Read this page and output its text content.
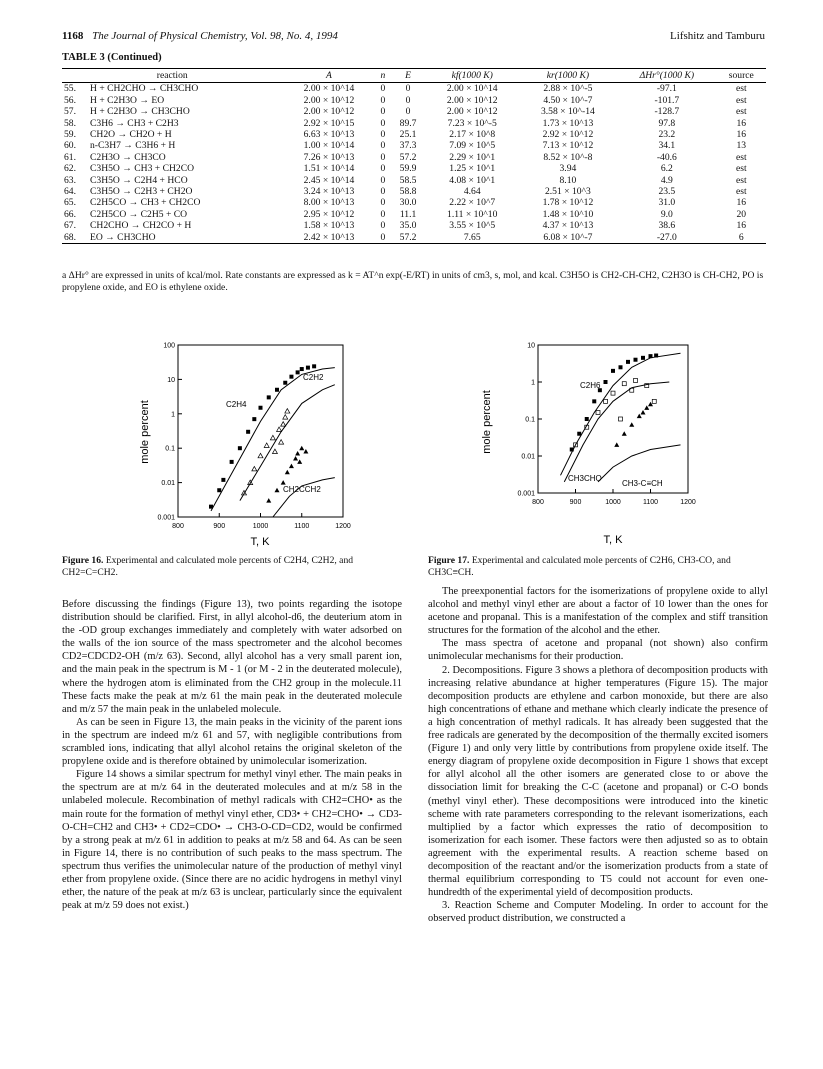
1168 The Journal of Physical Chemistry, Vol. 98, No. 4, 1994	Lifshitz and Tamburu
TABLE 3 (Continued)
reaction		A	n	E	kf(1000 K)	kr(1000 K)	ΔHr°(1000 K)	source
55.	H + CH2CHO → CH3CHO	2.00 × 10^14	0	0	2.00 × 10^14	2.88 × 10^-5	-97.1	est
56.	H + C2H3O → EO	2.00 × 10^12	0	0	2.00 × 10^12	4.50 × 10^-7	-101.7	est
57.	H + C2H3O → CH3CHO	2.00 × 10^12	0	0	2.00 × 10^12	3.58 × 10^-14	-128.7	est
58.	C3H6 → CH3 + C2H3	2.92 × 10^15	0	89.7	7.23 × 10^-5	1.73 × 10^13	97.8	16
59.	CH2O → CH2O + H	6.63 × 10^13	0	25.1	2.17 × 10^8	2.92 × 10^12	23.2	16
60.	n-C3H7 → C3H6 + H	1.00 × 10^14	0	37.3	7.09 × 10^5	7.13 × 10^12	34.1	13
61.	C2H3O → CH3CO	7.26 × 10^13	0	57.2	2.29 × 10^1	8.52 × 10^-8	-40.6	est
62.	C3H5O → CH3 + CH2CO	1.51 × 10^14	0	59.9	1.25 × 10^1	3.94	6.2	est
63.	C3H5O → C2H4 + HCO	2.45 × 10^14	0	58.5	4.08 × 10^1	8.10	4.9	est
64.	C3H5O → C2H3 + CH2O	3.24 × 10^13	0	58.8	4.64	2.51 × 10^3	23.5	est
65.	C2H5CO → CH3 + CH2CO	8.00 × 10^13	0	30.0	2.22 × 10^7	1.78 × 10^12	31.0	16
66.	C2H5CO → C2H5 + CO	2.95 × 10^12	0	11.1	1.11 × 10^10	1.48 × 10^10	9.0	20
67.	CH2CHO → CH2CO + H	1.58 × 10^13	0	35.0	3.55 × 10^5	4.37 × 10^13	38.6	16
68.	EO → CH3CHO	2.42 × 10^13	0	57.2	7.65	6.08 × 10^-7	-27.0	6
a ΔHr° are expressed in units of kcal/mol. Rate constants are expressed as k = AT^n exp(-E/RT) in units of cm3, s, mol, and kcal. C3H5O is CH2-CH-CH2, C2H3O is CH-CH2, PO is propylene oxide, and EO is ethylene oxide.
800	900	1000	1100	1200
0.001
0.01
0.1
1
10
100
mole percent
T, K
C2H4
C2H2
CH2CCH2
Figure 16. Experimental and calculated mole percents of C2H4, C2H2, and CH2=C=CH2.
800	900	1000	1100	1200
0.001
0.01
0.1
1
10
mole percent
T, K
C2H6
CH3CHO
CH3-C≡CH
Figure 17. Experimental and calculated mole percents of C2H6, CH3-CO, and CH3C≡CH.

Before discussing the findings (Figure 13), two points regarding the isotope distribution should be clarified. First, in allyl alcohol-d6, the deuterium atom in the -OD group exchanges immediately and completely with water adsorbed on the walls of the ion source of the mass spectrometer and the alcohol becomes CD2=CDCD2-OH (m/z 63). Second, allyl alcohol has a very small parent ion, and the main peak in the spectrum is M - 1 (or M - 2 in the deuterated molecule), where the hydrogen atom is eliminated from the CH2 group in the molecule.11 These facts make the peak at m/z 61 the main peak in the deuterated molecule and m/z 57 the main peak in the unlabeled molecule.

As can be seen in Figure 13, the main peaks in the vicinity of the parent ions in the spectrum are indeed m/z 61 and 57, with negligible contributions from scrambled ions, indicating that allyl alcohol retains the original skeleton of the propylene oxide and is therefore obtained by unimolecular isomerization.

Figure 14 shows a similar spectrum for methyl vinyl ether. The main peaks in the spectrum are at m/z 64 in the deuterated molecules and at m/z 58 in the unlabeled molecule. Recombination of methyl radicals with CH2=CHO• as the main route for the formation of methyl vinyl ether, CD3• + CH2=CHO• → CD3-O-CH=CH2 and CH3• + CD2=CDO• → CH3-O-CD=CD2, would be confirmed by a strong peak at m/z 61 in addition to peaks at m/z 58 and 64. As can be seen in Figure 14, there is no contribution of such peaks to the mass spectrum. The spectrum thus verifies the unimolecular nature of the production of methyl vinyl ether from propylene oxide. (Since there are no acidic hydrogens in methyl vinyl ether, the nature of the peak at m/z 63 is unclear, particularly since the equivalent peak at m/z 59 does not exist.)

The preexponential factors for the isomerizations of propylene oxide to allyl alcohol and methyl vinyl ether are about a factor of 10 lower than the ones for acetone and propanal. This is a manifestation of the complex and stiff transition structures for the formation of the alcohol and the ether.

The mass spectra of acetone and propanal (not shown) also confirm unimolecular mechanisms for their production.

2. Decompositions. Figure 3 shows a plethora of decomposition products with increasing relative abundance at higher temperatures (Figure 15). The major decomposition products are ethylene and carbon monoxide, but there are also high concentrations of ethane and methane which clearly indicate the presence of a high concentration of methyl radicals. It has already been suggested that the free radicals are generated by the decomposition of the thermally excited isomers (Figure 1) and only very little by contributions from propylene oxide itself. The energy diagram of propylene oxide decomposition in Figure 1 shows that except for allyl alcohol all the other isomers are generated close to or above the dissociation limit for breaking the C-C (acetone and propanal) or C-O bonds (methyl vinyl ether). These decompositions were introduced into the kinetic scheme with rate parameters corresponding to the relevant isomerizations, each multiplied by a factor which expresses the ratio of decomposition to isomerization for each isomer. These factors were then adjusted so as to obtain agreement with the experimental results. A reaction scheme based on decomposition of the reactant and/or the isomerization products from a state of thermal equilibrium corresponding to T5 could not account for even one-hundredth of the experimental yield of decomposition products.

3. Reaction Scheme and Computer Modeling. In order to account for the observed product distribution, we constructed a
